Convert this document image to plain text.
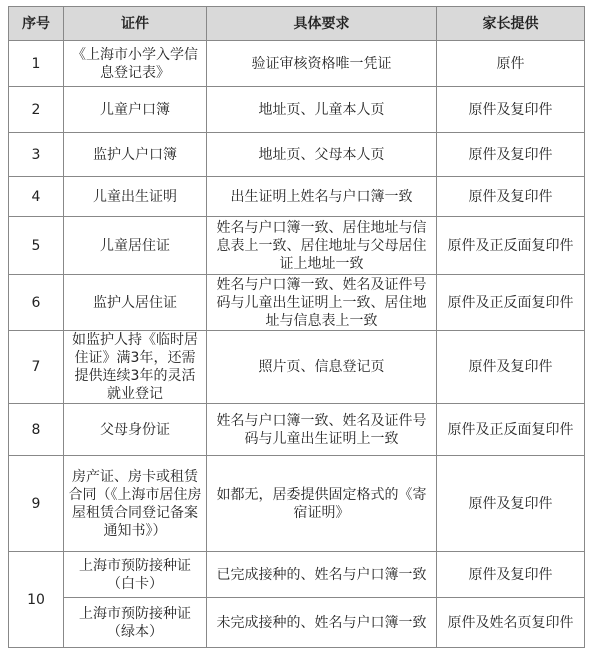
序号	证件	具体要求	家长提供
1	《上海市小学入学信息登记表》	验证审核资格唯一凭证	原件
2	儿童户口簿	地址页、儿童本人页	原件及复印件
3	监护人户口簿	地址页、父母本人页	原件及复印件
4	儿童出生证明	出生证明上姓名与户口簿一致	原件及复印件
5	儿童居住证	姓名与户口簿一致、居住地址与信息表上一致、居住地址与父母居住证上地址一致	原件及正反面复印件
6	监护人居住证	姓名与户口簿一致、姓名及证件号码与儿童出生证明上一致、居住地址与信息表上一致	原件及正反面复印件
7	如监护人持《临时居住证》满3年，还需提供连续3年的灵活就业登记	照片页、信息登记页	原件及复印件
8	父母身份证	姓名与户口簿一致、姓名及证件号码与儿童出生证明上一致	原件及正反面复印件
9	房产证、房卡或租赁合同（《上海市居住房屋租赁合同登记备案通知书》）	如都无，居委提供固定格式的《寄宿证明》	原件及复印件
10	上海市预防接种证（白卡）	已完成接种的、姓名与户口簿一致	原件及复印件
	上海市预防接种证（绿本）	未完成接种的、姓名与户口簿一致	原件及姓名页复印件
